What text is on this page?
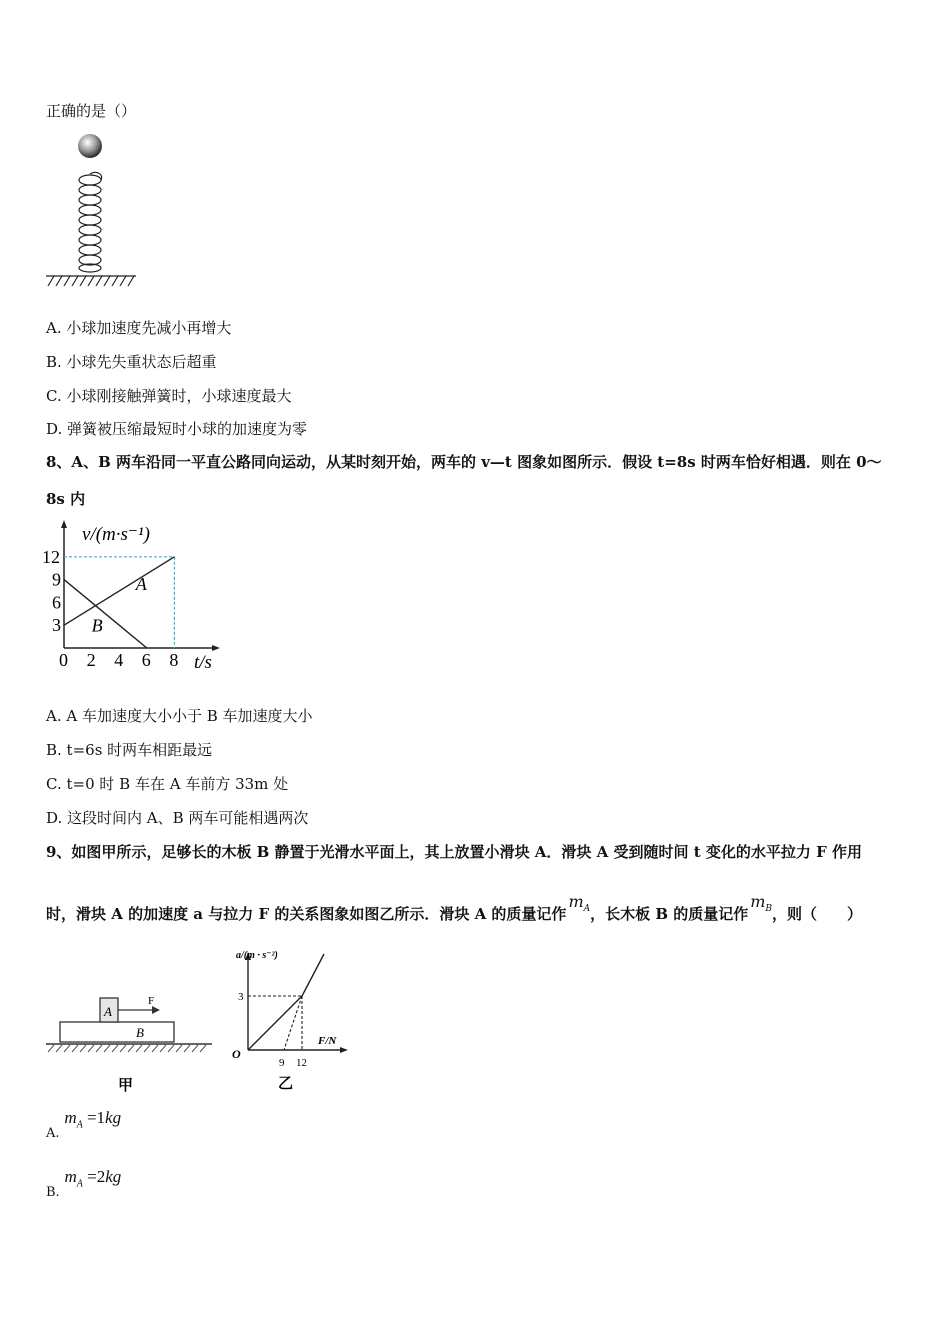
正确的是（）
A. 小球加速度先减小再增大
B. 小球先失重状态后超重
C. 小球刚接触弹簧时，小球速度最大
D. 弹簧被压缩最短时小球的加速度为零
8、A、B 两车沿同一平直公路同向运动，从某时刻开始，两车的 v—t 图象如图所示．假设 t=8s 时两车恰好相遇．则在 0～
8s 内
0 2 4 6 8
3
6
9
12
A
B
v/(m·s⁻¹)
t/s
A. A 车加速度大小小于 B 车加速度大小
B. t=6s 时两车相距最远
C. t=0 时 B 车在 A 车前方 33m 处
D. 这段时间内 A、B 两车可能相遇两次
9、如图甲所示，足够长的木板 B 静置于光滑水平面上，其上放置小滑块 A．滑块 A 受到随时间 t 变化的水平拉力 F 作用
时，滑块 A 的加速度 a 与拉力 F 的关系图象如图乙所示．滑块 A 的质量记作$m_A$，长木板 B 的质量记作$m_B$，则（　　）
A
B
F
甲
a/(m · s⁻²)
F/N
O
3
9 12
乙
A. $m_A =1kg$
B. $m_A =2kg$
